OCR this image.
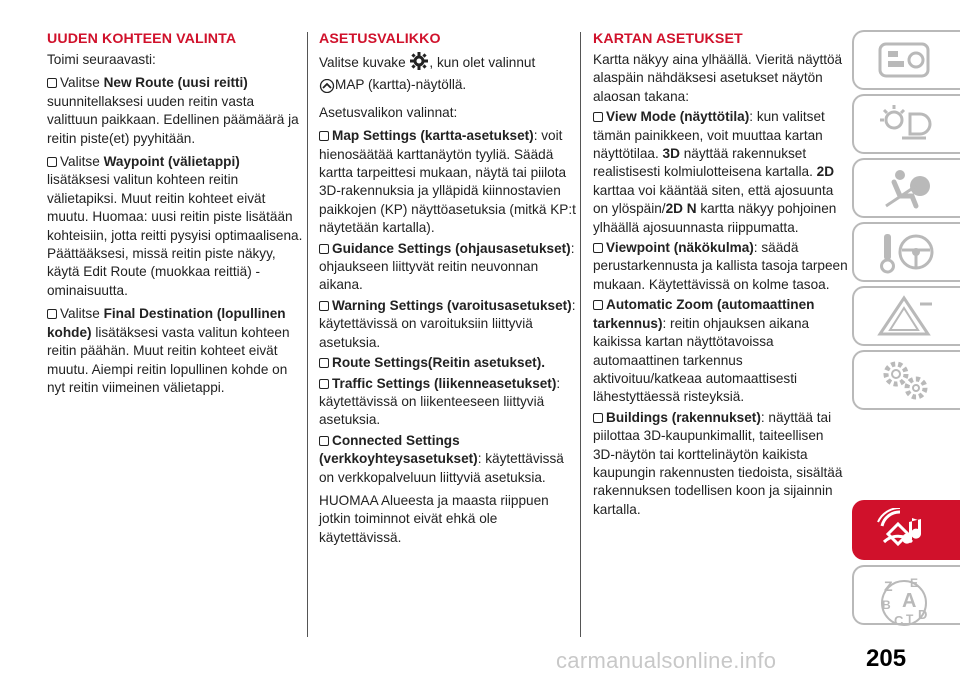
UUDEN KOHTEEN VALINTA

Toimi seuraavasti:

Valitse New Route (uusi reitti)
suunnitellaksesi uuden reitin vasta valittuun paikkaan. Edellinen päämäärä ja reitin piste(et) pyyhitään.

Valitse Waypoint (välietappi)
lisätäksesi valitun kohteen reitin välietapiksi. Muut reitin kohteet eivät muutu. Huomaa: uusi reitin piste lisätään kohteisiin, jotta reitti pysyisi optimaalisena. Päättääksesi, missä reitin piste näkyy, käytä Edit Route (muokkaa reittiä) -ominaisuutta.

Valitse Final Destination (lopullinen kohde) lisätäksesi vasta valitun kohteen reitin päähän. Muut reitin kohteet eivät muutu. Aiempi reitin lopullinen kohde on nyt reitin viimeinen välietappi.

ASETUSVALIKKO

Valitse kuvake , kun olet valinnut
MAP (kartta)-näytöllä.

Asetusvalikon valinnat:

Map Settings (kartta-asetukset): voit hienosäätää karttanäytön tyyliä. Säädä kartta tarpeittesi mukaan, näytä tai piilota 3D-rakennuksia ja ylläpidä kiinnostavien paikkojen (KP) näyttöasetuksia (mitkä KP:t näytetään kartalla).

Guidance Settings (ohjausasetukset): ohjaukseen liittyvät reitin neuvonnan aikana.

Warning Settings (varoitusasetukset): käytettävissä on varoituksiin liittyviä asetuksia.

Route Settings(Reitin asetukset).

Traffic Settings (liikenneasetukset): käytettävissä on liikenteeseen liittyviä asetuksia.

Connected Settings (verkkoyhteysasetukset): käytettävissä on verkkopalveluun liittyviä asetuksia.

HUOMAA Alueesta ja maasta riippuen jotkin toiminnot eivät ehkä ole käytettävissä.

KARTAN ASETUKSET

Kartta näkyy aina ylhäällä. Vieritä näyttöä alaspäin nähdäksesi asetukset näytön alaosan takana:

View Mode (näyttötila): kun valitset tämän painikkeen, voit muuttaa kartan näyttötilaa. 3D näyttää rakennukset realistisesti kolmiulotteisena kartalla. 2D karttaa voi kääntää siten, että ajosuunta on ylöspäin/2D N kartta näkyy pohjoinen ylhäällä ajosuunnasta riippumatta.

Viewpoint (näkökulma): säädä perustarkennusta ja kallista tasoja tarpeen mukaan. Käytettävissä on kolme tasoa.

Automatic Zoom (automaattinen tarkennus): reitin ohjauksen aikana kaikissa kartan näyttötavoissa automaattinen tarkennus aktivoituu/katkeaa automaattisesti lähestyttäessä risteyksiä.

Buildings (rakennukset): näyttää tai piilottaa 3D-kaupunkimallit, taiteellisen 3D-näytön tai korttelinäytön kaikista kaupungin rakennusten tiedoista, sisältää rakennuksen todellisen koon ja sijainnin kartalla.

Z E
B A
C T D
carmanualsonline.info	205
